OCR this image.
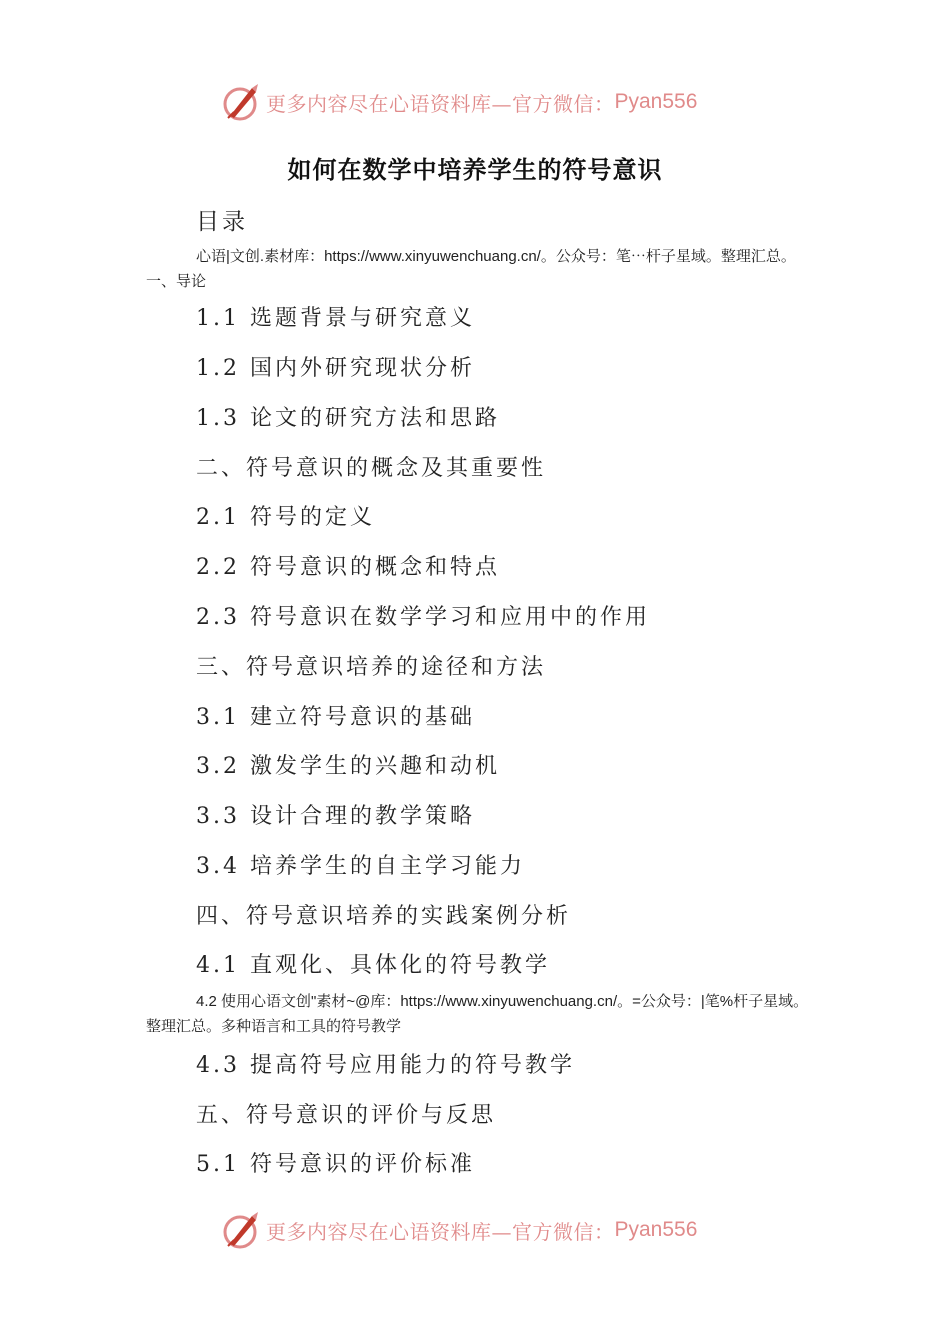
更多内容尽在心语资料库—官方微信： Pyan556
如何在数学中培养学生的符号意识
目录

心语|文创.素材库：https://www.xinyuwenchuang.cn/。公众号：笔⋯杆子星域。整理汇总。一、导论

1.1 选题背景与研究意义
1.2 国内外研究现状分析
1.3 论文的研究方法和思路
二、符号意识的概念及其重要性
2.1 符号的定义
2.2 符号意识的概念和特点
2.3 符号意识在数学学习和应用中的作用
三、符号意识培养的途径和方法
3.1 建立符号意识的基础
3.2 激发学生的兴趣和动机
3.3 设计合理的教学策略
3.4 培养学生的自主学习能力
四、符号意识培养的实践案例分析
4.1 直观化、具体化的符号教学
4.3 提高符号应用能力的符号教学
五、符号意识的评价与反思
5.1 符号意识的评价标准

4.2 使用心语文创"素材~@库：https://www.xinyuwenchuang.cn/。=公众号：|笔%杆子星域。整理汇总。多种语言和工具的符号教学

更多内容尽在心语资料库—官方微信： Pyan556
